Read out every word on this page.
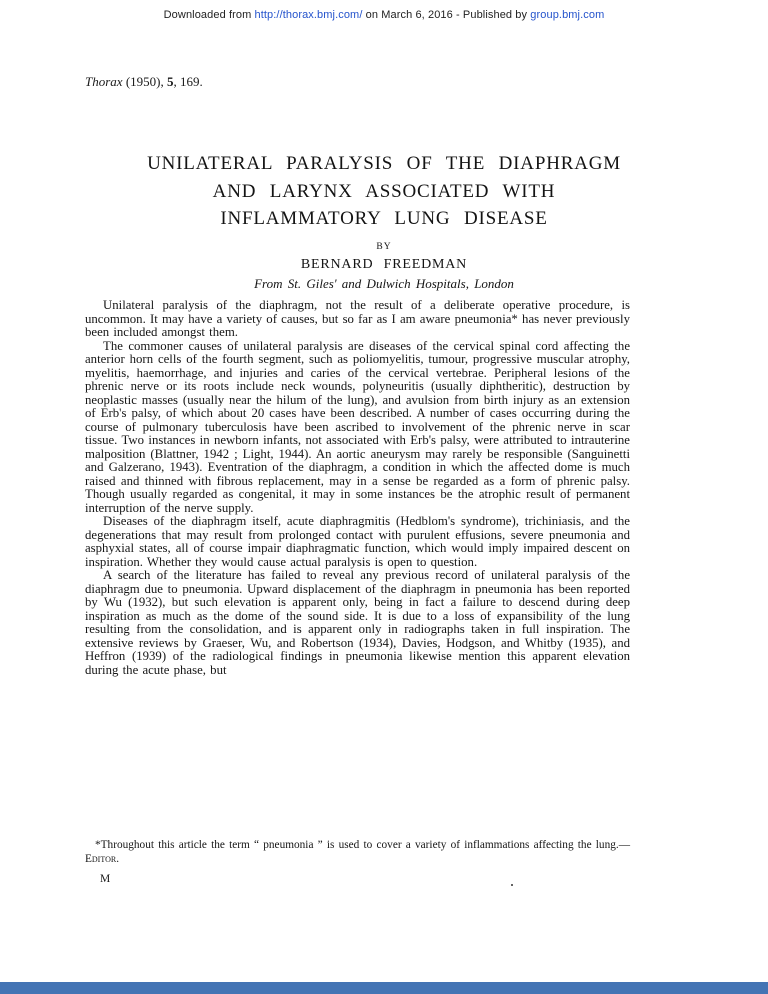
Downloaded from http://thorax.bmj.com/ on March 6, 2016 - Published by group.bmj.com
Thorax (1950), 5, 169.
UNILATERAL PARALYSIS OF THE DIAPHRAGM
AND LARYNX ASSOCIATED WITH
INFLAMMATORY LUNG DISEASE
BY
BERNARD FREEDMAN
From St. Giles' and Dulwich Hospitals, London

Unilateral paralysis of the diaphragm, not the result of a deliberate operative procedure, is uncommon. It may have a variety of causes, but so far as I am aware pneumonia* has never previously been included amongst them.

The commoner causes of unilateral paralysis are diseases of the cervical spinal cord affecting the anterior horn cells of the fourth segment, such as poliomyelitis, tumour, progressive muscular atrophy, myelitis, haemorrhage, and injuries and caries of the cervical vertebrae. Peripheral lesions of the phrenic nerve or its roots include neck wounds, polyneuritis (usually diphtheritic), destruction by neoplastic masses (usually near the hilum of the lung), and avulsion from birth injury as an extension of Erb's palsy, of which about 20 cases have been described. A number of cases occurring during the course of pulmonary tuberculosis have been ascribed to involvement of the phrenic nerve in scar tissue. Two instances in newborn infants, not associated with Erb's palsy, were attributed to intrauterine malposition (Blattner, 1942 ; Light, 1944). An aortic aneurysm may rarely be responsible (Sanguinetti and Galzerano, 1943). Eventration of the diaphragm, a condition in which the affected dome is much raised and thinned with fibrous replacement, may in a sense be regarded as a form of phrenic palsy. Though usually regarded as congenital, it may in some instances be the atrophic result of permanent interruption of the nerve supply.

Diseases of the diaphragm itself, acute diaphragmitis (Hedblom's syndrome), trichiniasis, and the degenerations that may result from prolonged contact with purulent effusions, severe pneumonia and asphyxial states, all of course impair diaphragmatic function, which would imply impaired descent on inspiration. Whether they would cause actual paralysis is open to question.

A search of the literature has failed to reveal any previous record of unilateral paralysis of the diaphragm due to pneumonia. Upward displacement of the diaphragm in pneumonia has been reported by Wu (1932), but such elevation is apparent only, being in fact a failure to descend during deep inspiration as much as the dome of the sound side. It is due to a loss of expansibility of the lung resulting from the consolidation, and is apparent only in radiographs taken in full inspiration. The extensive reviews by Graeser, Wu, and Robertson (1934), Davies, Hodgson, and Whitby (1935), and Heffron (1939) of the radiological findings in pneumonia likewise mention this apparent elevation during the acute phase, but

*Throughout this article the term “ pneumonia ” is used to cover a variety of inflammations affecting the lung.—Editor.
M
